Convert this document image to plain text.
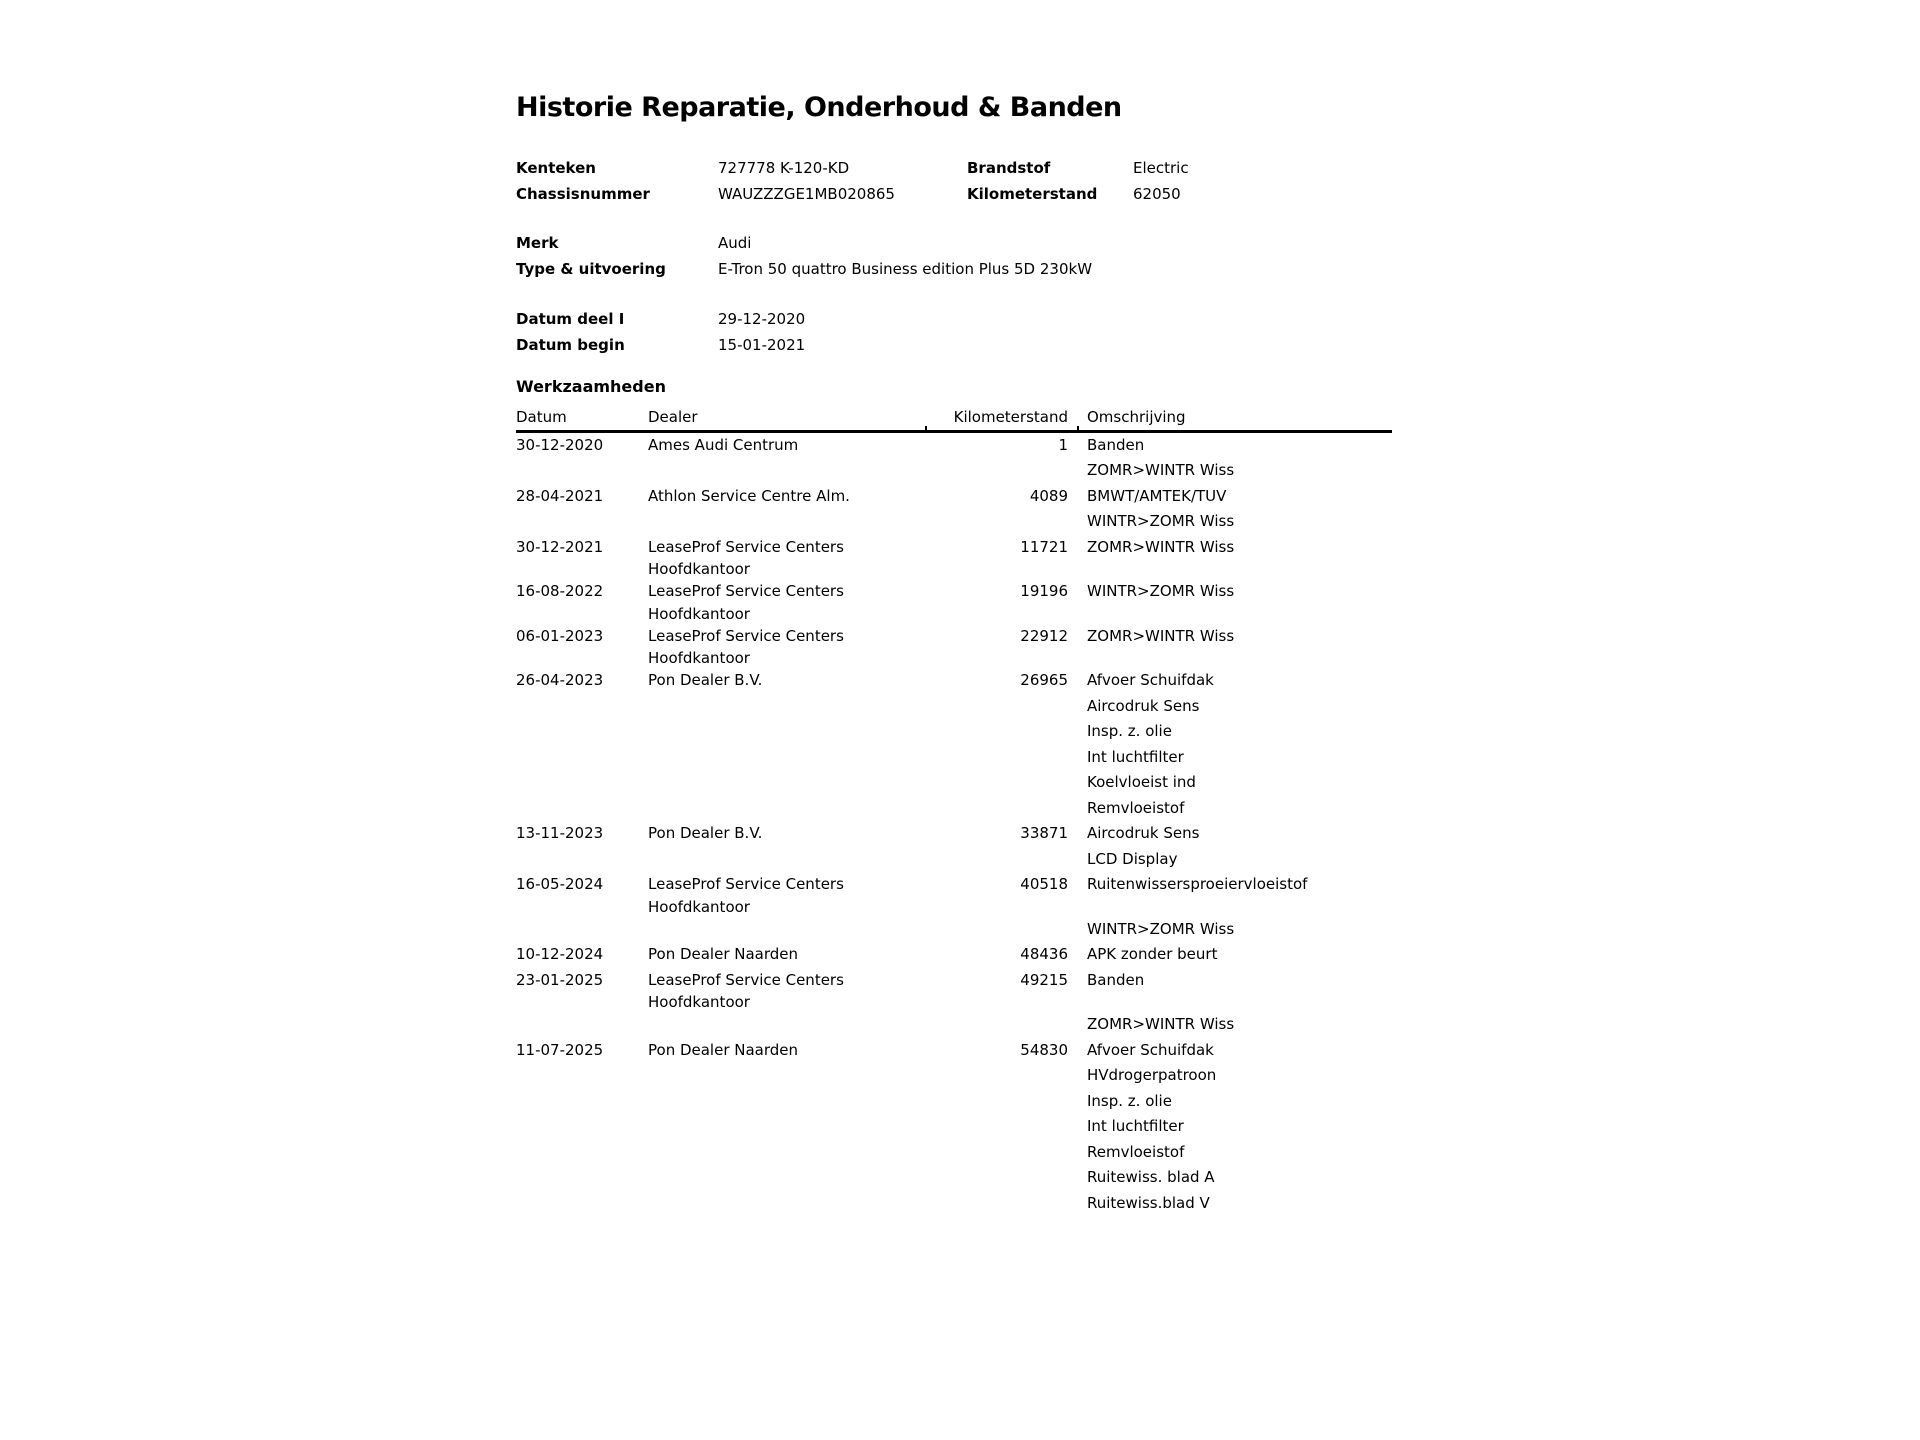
Historie Reparatie, Onderhoud & Banden
Kenteken	727778 K-120-KD	Brandstof	Electric
Chassisnummer	WAUZZZGE1MB020865	Kilometerstand 62050
Merk	Audi
Type & uitvoering	E-Tron 50 quattro Business edition Plus 5D 230kW
Datum deel I	29-12-2020
Datum begin	15-01-2021
Werkzaamheden
Datum	Dealer	Kilometerstand Omschrijving
30-12-2020	Ames Audi Centrum	1 Banden
ZOMR>WINTR Wiss
28-04-2021	Athlon Service Centre Alm.	4089 BMWT/AMTEK/TUV
WINTR>ZOMR Wiss
30-12-2021	LeaseProf Service Centers
Hoofdkantoor
11721 ZOMR>WINTR Wiss
16-08-2022	LeaseProf Service Centers
Hoofdkantoor
19196 WINTR>ZOMR Wiss
06-01-2023	LeaseProf Service Centers
Hoofdkantoor
22912 ZOMR>WINTR Wiss
26-04-2023	Pon Dealer B.V.	26965 Afvoer Schuifdak
Aircodruk Sens
Insp. z. olie
Int luchtfilter
Koelvloeist ind
Remvloeistof
13-11-2023	Pon Dealer B.V.	33871 Aircodruk Sens
LCD Display
16-05-2024	LeaseProf Service Centers
Hoofdkantoor
40518 Ruitenwissersproeiervloeistof
WINTR>ZOMR Wiss
10-12-2024	Pon Dealer Naarden	48436 APK zonder beurt
23-01-2025	LeaseProf Service Centers
Hoofdkantoor
49215 Banden
ZOMR>WINTR Wiss
11-07-2025	Pon Dealer Naarden	54830 Afvoer Schuifdak
HVdrogerpatroon
Insp. z. olie
Int luchtfilter
Remvloeistof
Ruitewiss. blad A
Ruitewiss.blad V
